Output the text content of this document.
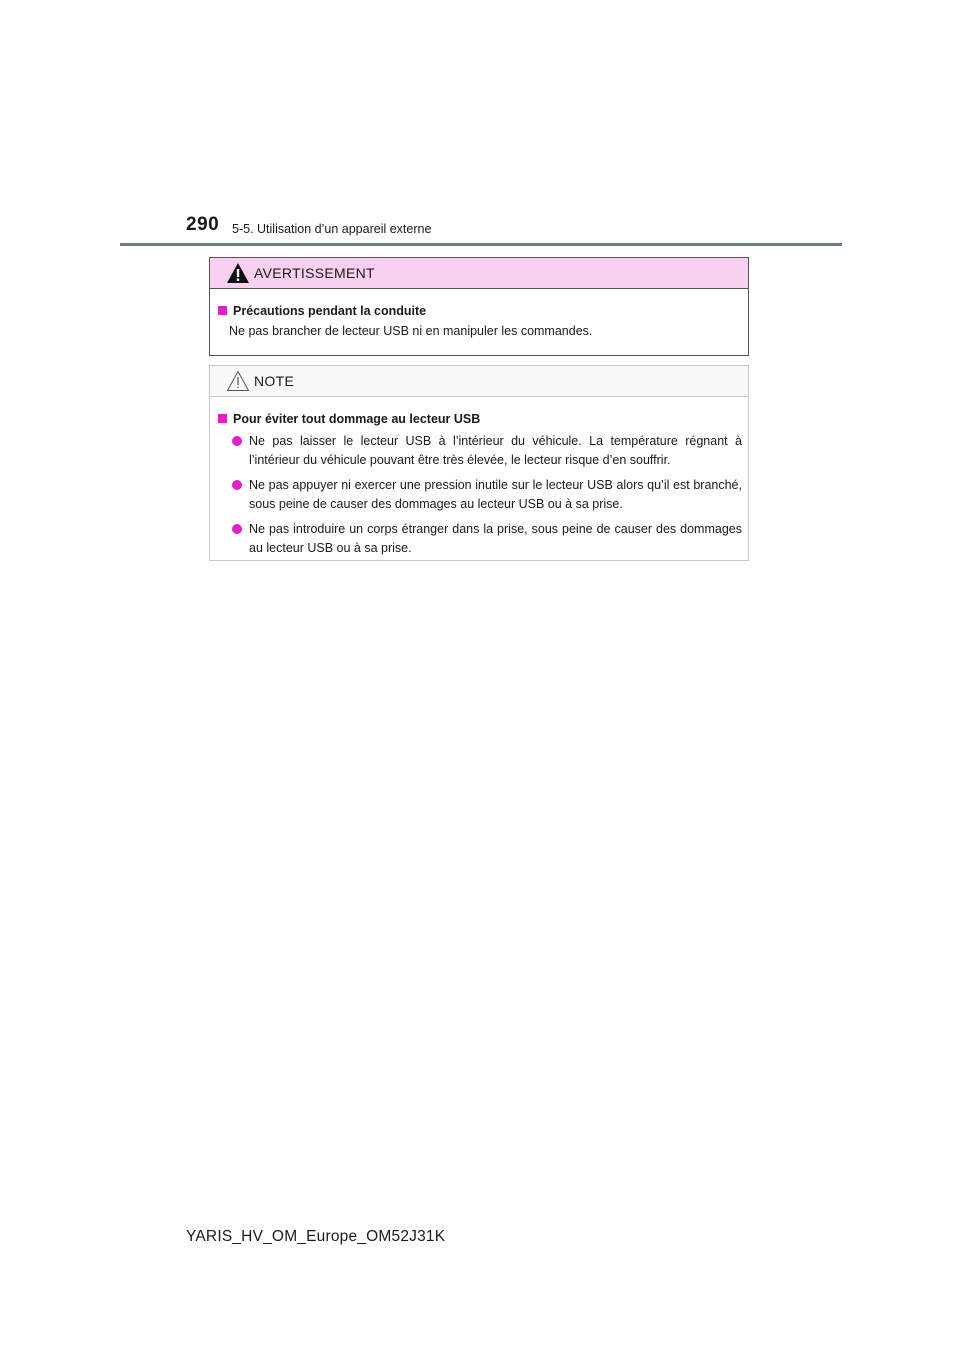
290 5-5. Utilisation d’un appareil externe
AVERTISSEMENT
Précautions pendant la conduite
Ne pas brancher de lecteur USB ni en manipuler les commandes.
NOTE
Pour éviter tout dommage au lecteur USB
Ne pas laisser le lecteur USB à l’intérieur du véhicule. La température régnant à l’intérieur du véhicule pouvant être très élevée, le lecteur risque d’en souffrir.
Ne pas appuyer ni exercer une pression inutile sur le lecteur USB alors qu’il est branché, sous peine de causer des dommages au lecteur USB ou à sa prise.
Ne pas introduire un corps étranger dans la prise, sous peine de causer des dommages au lecteur USB ou à sa prise.
YARIS_HV_OM_Europe_OM52J31K
